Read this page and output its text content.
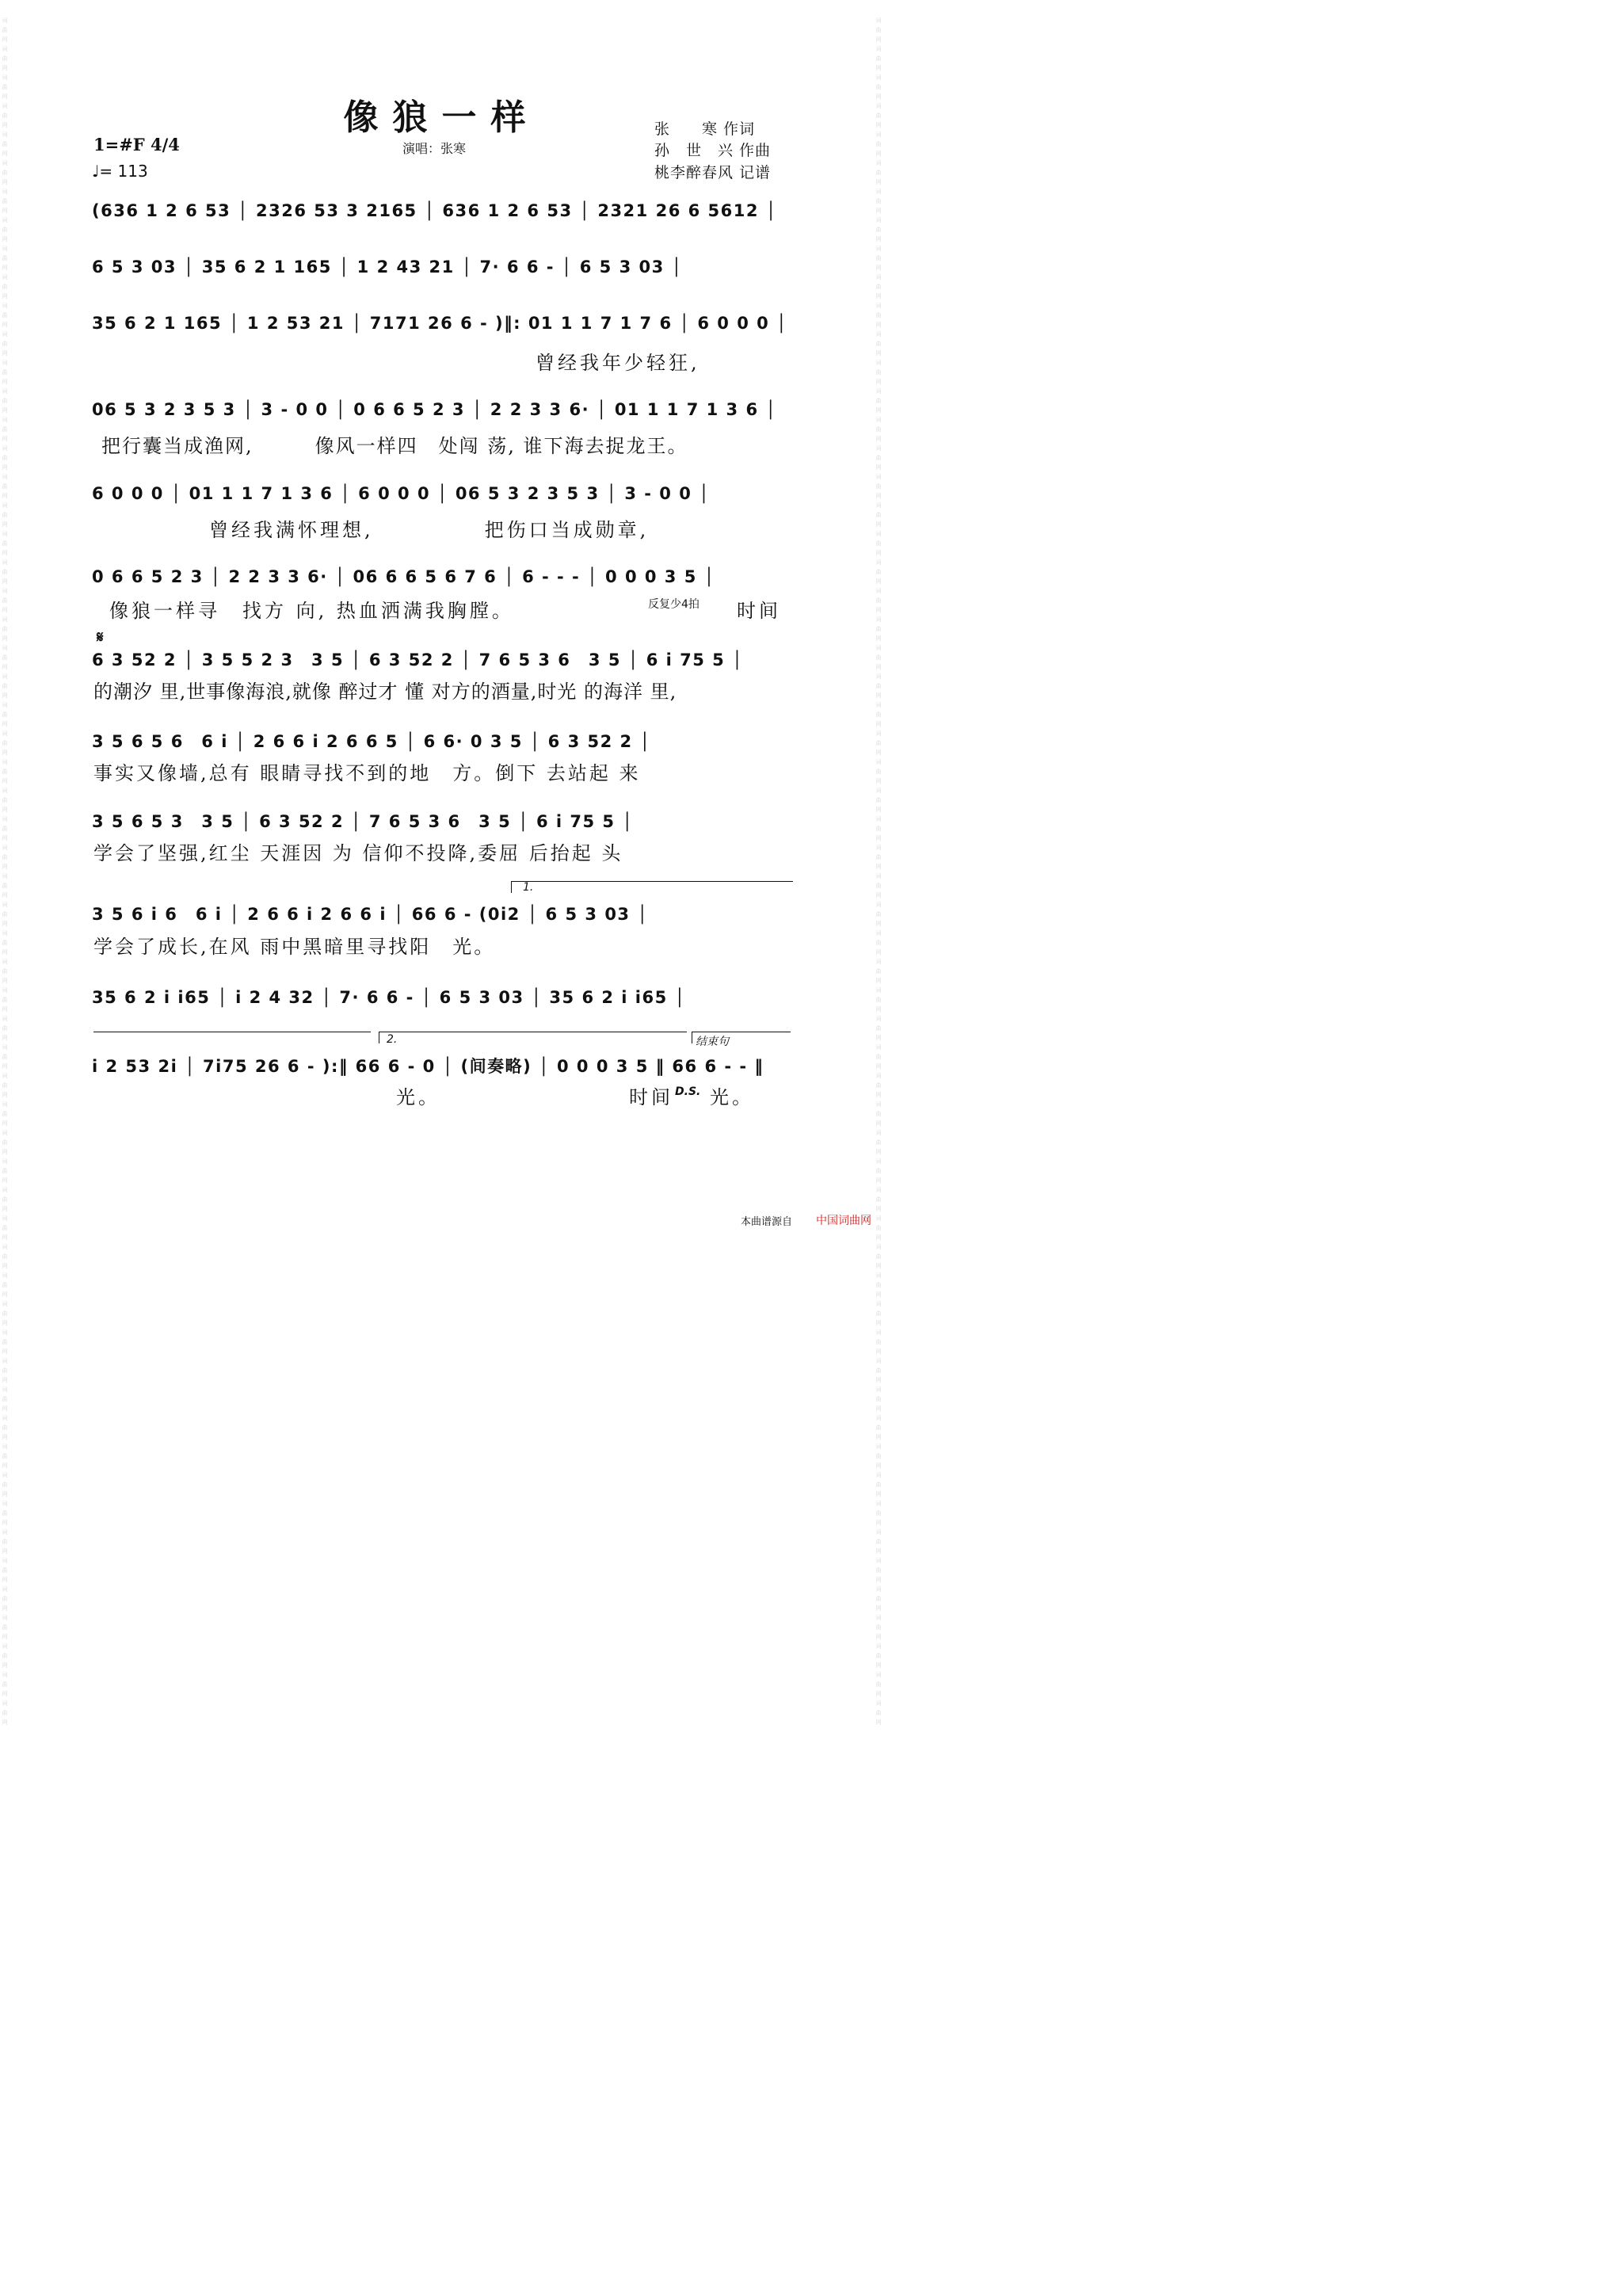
词曲网 词曲网 词曲网 词曲网 词曲网 词曲网 词曲网 词曲网 词曲网 词曲网 词曲网 词曲网 词曲网 词曲网 词曲网 词曲网 词曲网 词曲网 词曲网 词曲网 词曲网 词曲网 词曲网 词曲网 词曲网 词曲网 词曲网 词曲网 词曲网 词曲网 词曲网 词曲网 词曲网 词曲网 词曲网 词曲网 词曲网 词曲网 词曲网 词曲网 词曲网 词曲网 词曲网 词曲网 词曲网 词曲网 词曲网 词曲网 词曲网 词曲网 词曲网 词曲网 词曲网 词曲网 词曲网 词曲网 词曲网 词曲网 词曲网 词曲网
词曲网 词曲网 词曲网 词曲网 词曲网 词曲网 词曲网 词曲网 词曲网 词曲网 词曲网 词曲网 词曲网 词曲网 词曲网 词曲网 词曲网 词曲网 词曲网 词曲网 词曲网 词曲网 词曲网 词曲网 词曲网 词曲网 词曲网 词曲网 词曲网 词曲网 词曲网 词曲网 词曲网 词曲网 词曲网 词曲网 词曲网 词曲网 词曲网 词曲网 词曲网 词曲网 词曲网 词曲网 词曲网 词曲网 词曲网 词曲网 词曲网 词曲网 词曲网 词曲网 词曲网 词曲网 词曲网 词曲网 词曲网 词曲网 词曲网 词曲网
像狼一样
1=#F 4/4
♩= 113
演唱：张寒
张　　寒 作词
孙　世　兴 作曲
桃李醉春风 记谱
(636 1 2 6 53 │ 2326 53 3 2165 │ 636 1 2 6 53 │ 2321 26 6 5612 │
6 5 3 03 │ 35 6 2 1 165 │ 1 2 43 21 │ 7· 6 6 - │ 6 5 3 03 │
35 6 2 1 165 │ 1 2 53 21 │ 7171 26 6 - )‖: 01 1 1 7 1 7 6 │ 6 0 0 0 │
曾经我年少轻狂,
06 5 3 2 3 5 3 │ 3 - 0 0 │ 0 6 6 5 2 3 │ 2 2 3 3 6· │ 01 1 1 7 1 3 6 │
把行囊当成渔网,　　　像风一样四　处闯 荡, 谁下海去捉龙王。
6 0 0 0 │ 01 1 1 7 1 3 6 │ 6 0 0 0 │ 06 5 3 2 3 5 3 │ 3 - 0 0 │
曾经我满怀理想,　　　　　把伤口当成勋章,
0 6 6 5 2 3 │ 2 2 3 3 6· │ 06 6 6 5 6 7 6 │ 6 - - - │ 0 0 0 3 5 │
像狼一样寻　找方 向, 热血洒满我胸膛。	反复少4拍 时间
𝄋
6 3 52 2 │ 3 5 5 2 3　3 5 │ 6 3 52 2 │ 7 6 5 3 6　3 5 │ 6 i 75 5 │
的潮汐 里,世事像海浪,就像 醉过才 懂 对方的酒量,时光 的海洋 里,
3 5 6 5 6　6 i │ 2 6 6 i 2 6 6 5 │ 6 6· 0 3 5 │ 6 3 52 2 │
事实又像墙,总有 眼睛寻找不到的地　方。倒下 去站起 来
3 5 6 5 3　3 5 │ 6 3 52 2 │ 7 6 5 3 6　3 5 │ 6 i 75 5 │
学会了坚强,红尘 天涯因 为 信仰不投降,委屈 后抬起 头
1.
3 5 6 i 6　6 i │ 2 6 6 i 2 6 6 i │ 66 6 - (0i2 │ 6 5 3 03 │
学会了成长,在风 雨中黑暗里寻找阳　光。
35 6 2 i i65 │ i 2 4 32 │ 7· 6 6 - │ 6 5 3 03 │ 35 6 2 i i65 │
2.	结束句
i 2 53 2i │ 7i75 26 6 - ):‖ 66 6 - 0 │ (间奏略) │ 0 0 0 3 5 ‖ 66 6 - - ‖
光。	时间 D.S. 光。
本曲谱源自 中国词曲网
